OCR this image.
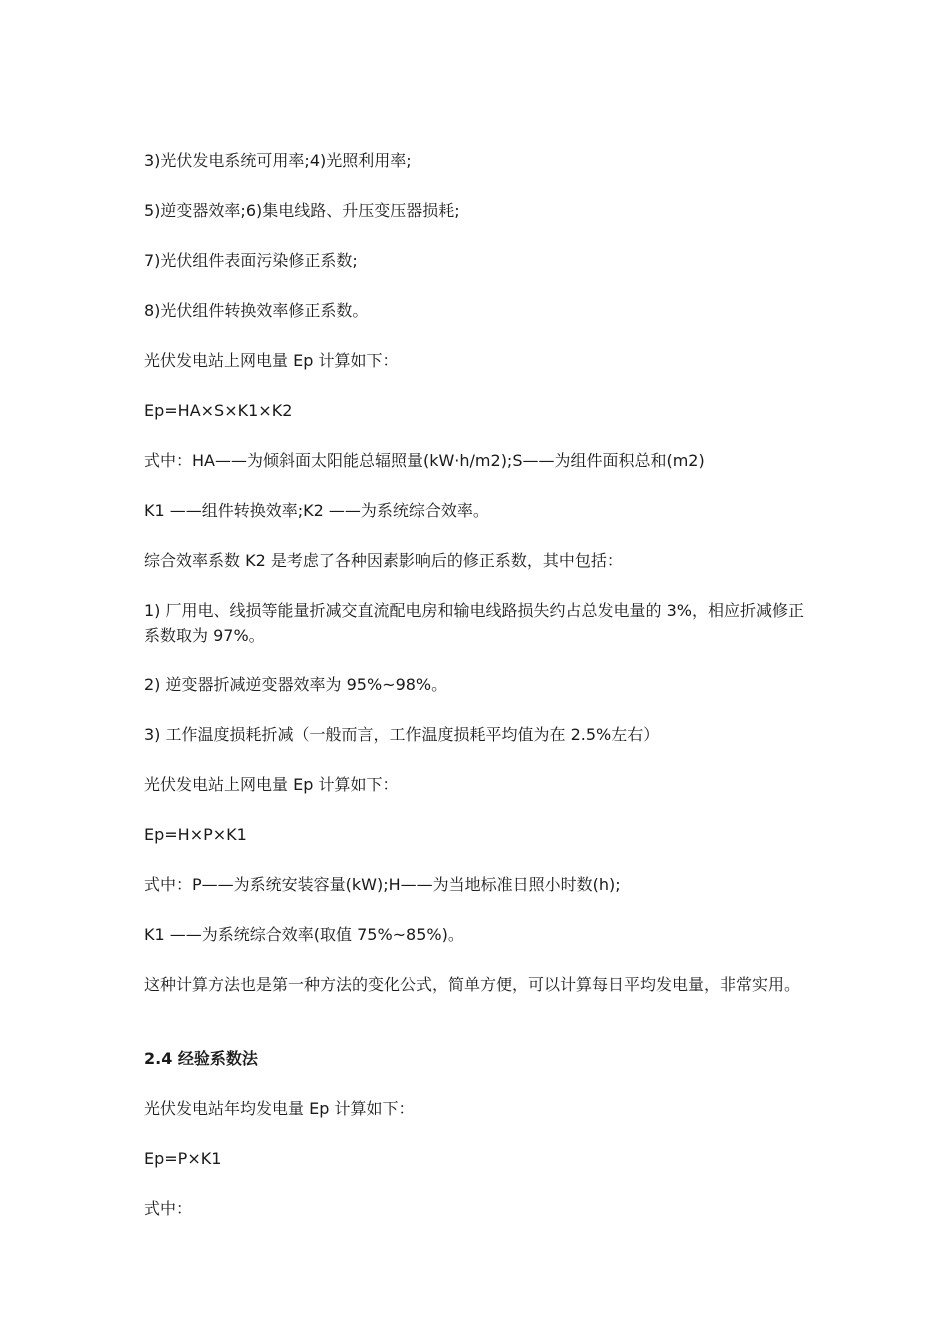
3)光伏发电系统可用率;4)光照利用率;

5)逆变器效率;6)集电线路、升压变压器损耗;

7)光伏组件表面污染修正系数;

8)光伏组件转换效率修正系数。

光伏发电站上网电量 Ep 计算如下：

Ep=HA×S×K1×K2

式中：HA——为倾斜面太阳能总辐照量(kW·h/m2);S——为组件面积总和(m2)

K1 ——组件转换效率;K2 ——为系统综合效率。

综合效率系数 K2 是考虑了各种因素影响后的修正系数，其中包括：

1) 厂用电、线损等能量折减交直流配电房和输电线路损失约占总发电量的 3%，相应折减修正系数取为 97%。

2) 逆变器折减逆变器效率为 95%~98%。

3) 工作温度损耗折减（一般而言，工作温度损耗平均值为在 2.5%左右）

光伏发电站上网电量 Ep 计算如下：

Ep=H×P×K1

式中：P——为系统安装容量(kW);H——为当地标准日照小时数(h);

K1 ——为系统综合效率(取值 75%~85%)。

这种计算方法也是第一种方法的变化公式，简单方便，可以计算每日平均发电量，非常实用。

2.4 经验系数法

光伏发电站年均发电量 Ep 计算如下：

Ep=P×K1

式中：
